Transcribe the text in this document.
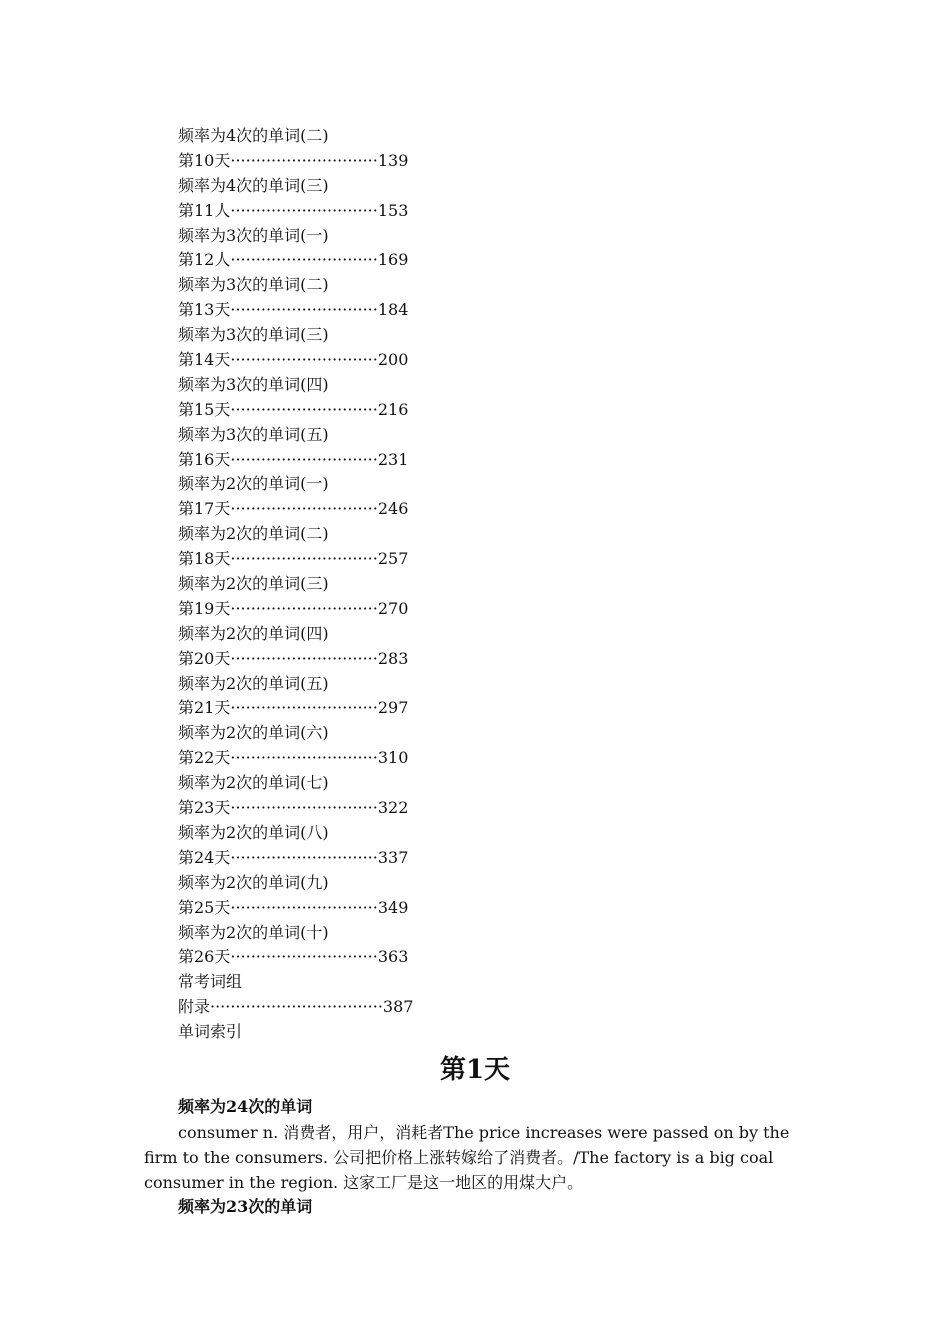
频率为4次的单词(二)
第10天·····························139
频率为4次的单词(三)
第11人·····························153
频率为3次的单词(一)
第12人·····························169
频率为3次的单词(二)
第13天·····························184
频率为3次的单词(三)
第14天·····························200
频率为3次的单词(四)
第15天·····························216
频率为3次的单词(五)
第16天·····························231
频率为2次的单词(一)
第17天·····························246
频率为2次的单词(二)
第18天·····························257
频率为2次的单词(三)
第19天·····························270
频率为2次的单词(四)
第20天·····························283
频率为2次的单词(五)
第21天·····························297
频率为2次的单词(六)
第22天·····························310
频率为2次的单词(七)
第23天·····························322
频率为2次的单词(八)
第24天·····························337
频率为2次的单词(九)
第25天·····························349
频率为2次的单词(十)
第26天·····························363
常考词组
附录··································387
单词索引
第1天
频率为24次的单词
consumer n. 消费者，用户，消耗者The price increases were passed on by the firm to the consumers. 公司把价格上涨转嫁给了消费者。/The factory is a big coal consumer in the region. 这家工厂是这一地区的用煤大户。
频率为23次的单词
